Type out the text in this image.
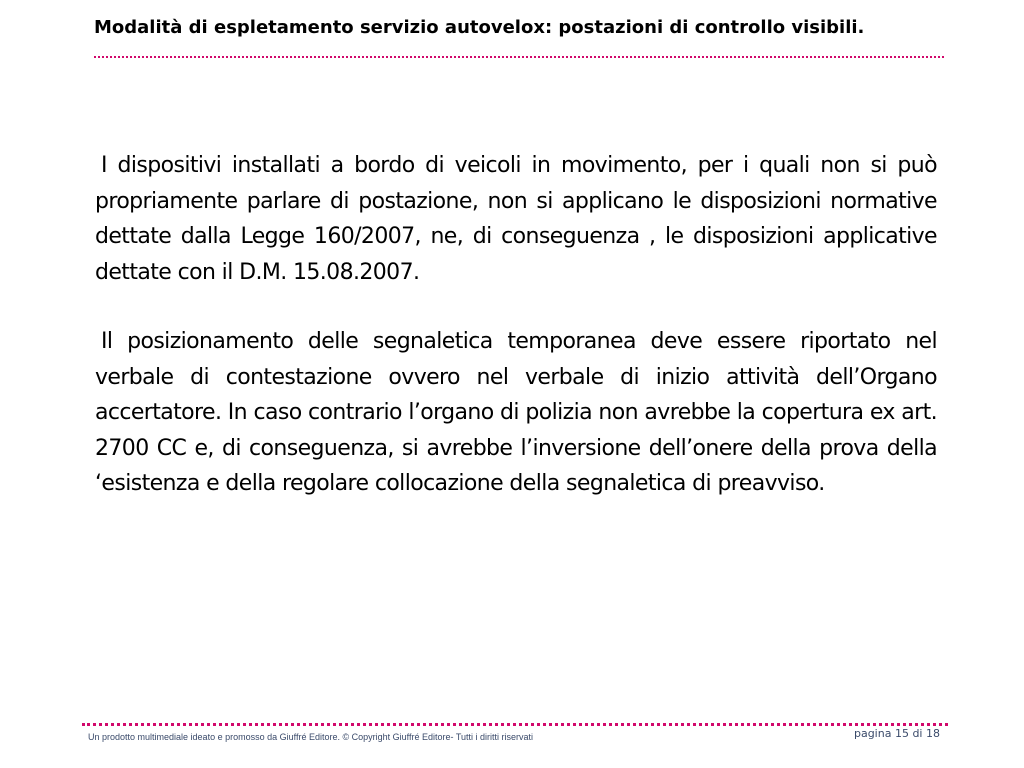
Modalità di espletamento servizio autovelox: postazioni di controllo visibili.

I dispositivi installati a bordo di veicoli in movimento, per i quali non si può propriamente parlare di postazione, non si applicano le disposizioni normative dettate dalla Legge 160/2007, ne, di conseguenza , le disposizioni applicative dettate con il D.M. 15.08.2007.

Il posizionamento delle segnaletica temporanea deve essere riportato nel verbale di contestazione ovvero nel verbale di inizio attività dell’Organo accertatore. In caso contrario l’organo di polizia non avrebbe la copertura ex art. 2700 CC e, di conseguenza, si avrebbe l’inversione dell’onere della prova della ‘esistenza e della regolare collocazione della segnaletica di preavviso.

Un prodotto multimediale ideato e promosso da Giuffré Editore. © Copyright Giuffré Editore- Tutti i diritti riservati	pagina 15 di 18
